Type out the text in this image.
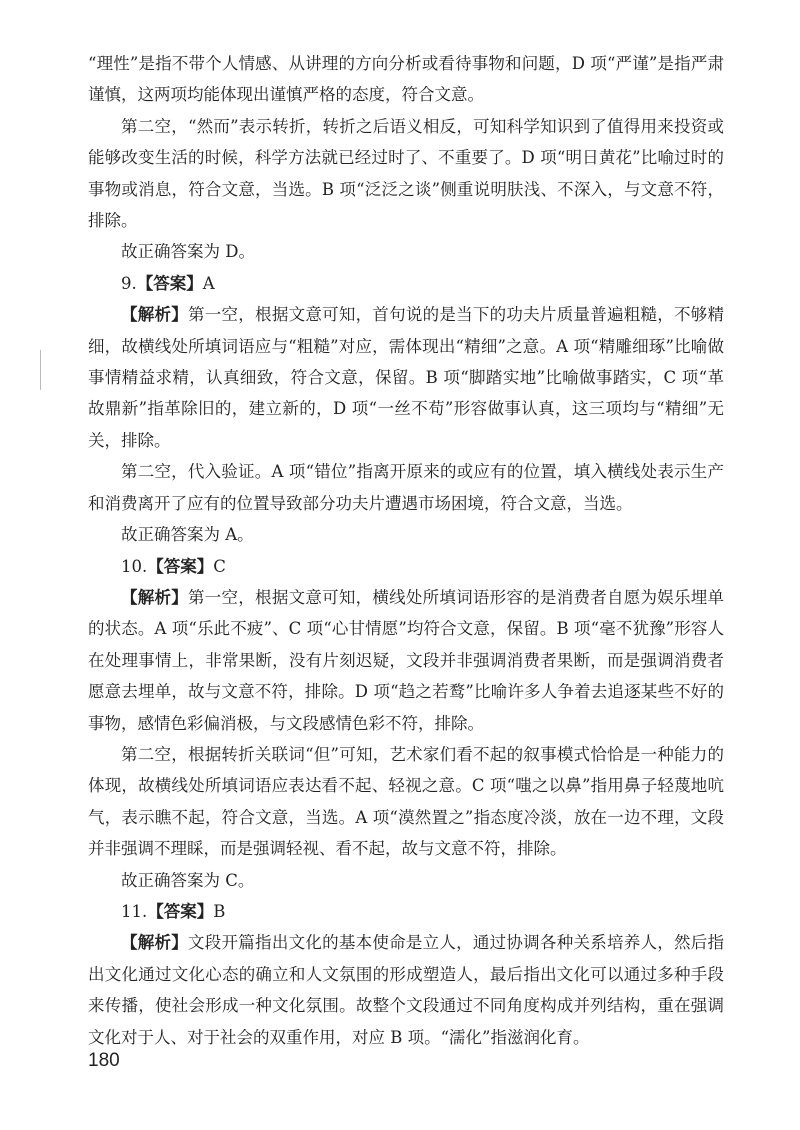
“理性”是指不带个人情感、从讲理的方向分析或看待事物和问题，D 项“严谨”是指严肃谨慎，这两项均能体现出谨慎严格的态度，符合文意。

第二空，“然而”表示转折，转折之后语义相反，可知科学知识到了值得用来投资或能够改变生活的时候，科学方法就已经过时了、不重要了。D 项“明日黄花”比喻过时的事物或消息，符合文意，当选。B 项“泛泛之谈”侧重说明肤浅、不深入，与文意不符，排除。

故正确答案为 D。

9.【答案】A

【解析】第一空，根据文意可知，首句说的是当下的功夫片质量普遍粗糙，不够精细，故横线处所填词语应与“粗糙”对应，需体现出“精细”之意。A 项“精雕细琢”比喻做事情精益求精，认真细致，符合文意，保留。B 项“脚踏实地”比喻做事踏实，C 项“革故鼎新”指革除旧的，建立新的，D 项“一丝不苟”形容做事认真，这三项均与“精细”无关，排除。

第二空，代入验证。A 项“错位”指离开原来的或应有的位置，填入横线处表示生产和消费离开了应有的位置导致部分功夫片遭遇市场困境，符合文意，当选。

故正确答案为 A。

10.【答案】C

【解析】第一空，根据文意可知，横线处所填词语形容的是消费者自愿为娱乐埋单的状态。A 项“乐此不疲”、C 项“心甘情愿”均符合文意，保留。B 项“毫不犹豫”形容人在处理事情上，非常果断，没有片刻迟疑，文段并非强调消费者果断，而是强调消费者愿意去埋单，故与文意不符，排除。D 项“趋之若鹜”比喻许多人争着去追逐某些不好的事物，感情色彩偏消极，与文段感情色彩不符，排除。

第二空，根据转折关联词“但”可知，艺术家们看不起的叙事模式恰恰是一种能力的体现，故横线处所填词语应表达看不起、轻视之意。C 项“嗤之以鼻”指用鼻子轻蔑地吭气，表示瞧不起，符合文意，当选。A 项“漠然置之”指态度冷淡，放在一边不理，文段并非强调不理睬，而是强调轻视、看不起，故与文意不符，排除。

故正确答案为 C。

11.【答案】B

【解析】文段开篇指出文化的基本使命是立人，通过协调各种关系培养人，然后指出文化通过文化心态的确立和人文氛围的形成塑造人，最后指出文化可以通过多种手段来传播，使社会形成一种文化氛围。故整个文段通过不同角度构成并列结构，重在强调文化对于人、对于社会的双重作用，对应 B 项。“濡化”指滋润化育。

180
